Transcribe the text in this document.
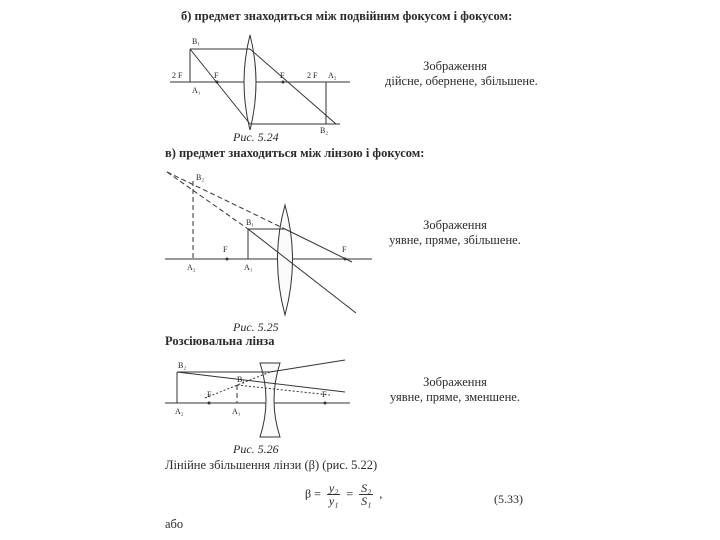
б) предмет знаходиться між подвійним фокусом і фокусом:
B₁
A₁
2 F	F	F	2 F A₂
B₂
B₂
A₂
B₁
A₁
F	F
B₂
B₁
F	F
A₂	A₁
Зображення
дійсне, обернене, збільшене.
Рис. 5.24
в) предмет знаходиться між лінзою і фокусом:
Зображення
уявне, пряме, збільшене.
Рис. 5.25
Розсіювальна лінза
Зображення
уявне, пряме, зменшене.
Рис. 5.26
Лінійне збільшення лінзи (β) (рис. 5.22)
$\beta = \frac{\text{y₂}}{\text{y₁}} = \frac{\text{S₂}}{\text{S₁}}$ ,	(5.33)
або
